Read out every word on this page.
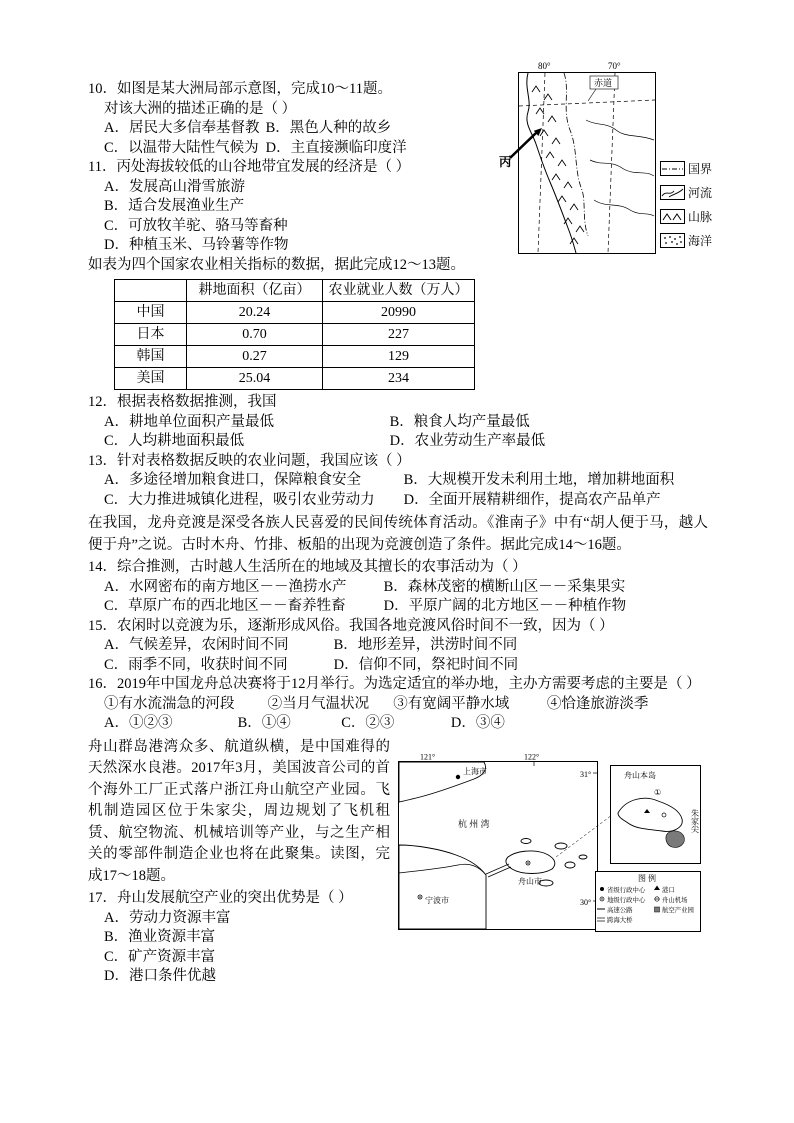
80°	70°
赤道
丙	国界
河流
山脉
海洋
10．如图是某大洲局部示意图，完成10～11题。
对该大洲的描述正确的是（ ）
A．居民大多信奉基督教 B．黑色人种的故乡
C．以温带大陆性气候为 D．主直接濒临印度洋
11．丙处海拔较低的山谷地带宜发展的经济是（ ）
A．发展高山滑雪旅游
B．适合发展渔业生产
C．可放牧羊驼、骆马等畜种
D．种植玉米、马铃薯等作物
如表为四个国家农业相关指标的数据，据此完成12～13题。
	耕地面积（亿亩）	农业就业人数（万人）
中国	20.24	20990
日本	0.70	227
韩国	0.27	129
美国	25.04	234
12．根据表格数据推测，我国
A．耕地单位面积产量最低	B．粮食人均产量最低
C．人均耕地面积最低	D．农业劳动生产率最低
13．针对表格数据反映的农业问题，我国应该（ ）
A．多途径增加粮食进口，保障粮食安全	B．大规模开发未利用土地，增加耕地面积
C．大力推进城镇化进程，吸引农业劳动力 D．全面开展精耕细作，提高农产品单产
在我国，龙舟竞渡是深受各族人民喜爱的民间传统体育活动。《淮南子》中有“胡人便于马，越人便于舟”之说。古时木舟、竹排、板船的出现为竞渡创造了条件。据此完成14～16题。
14．综合推测，古时越人生活所在的地域及其擅长的农事活动为（ ）
A．水网密布的南方地区－－渔捞水产	B．森林茂密的横断山区－－采集果实
C．草原广布的西北地区－－畜养牲畜	D．平原广阔的北方地区－－种植作物
15．农闲时以竞渡为乐，逐渐形成风俗。我国各地竞渡风俗时间不一致，因为（ ）
A．气候差异，农闲时间不同	B．地形差异，洪涝时间不同
C．雨季不同，收获时间不同	D．信仰不同，祭祀时间不同
16．2019年中国龙舟总决赛将于12月举行。为选定适宜的举办地，主办方需要考虑的主要是（ ）
①有水流湍急的河段 ②当月气温状况 ③有宽阔平静水域	④恰逢旅游淡季
A．①②③	B．①④	C．②③	D．③④
121°	122°
31°
30°
上海市
杭 州 湾
宁波市
舟山市
舟山本岛
①
朱家尖
图 例
省级行政中心
地级行政中心
高速公路
跨海大桥
港口
舟山机场
航空产业园
舟山群岛港湾众多、航道纵横，是中国难得的天然深水良港。2017年3月，美国波音公司的首个海外工厂正式落户浙江舟山航空产业园。飞机制造园区位于朱家尖，周边规划了飞机租赁、航空物流、机械培训等产业，与之生产相关的零部件制造企业也将在此聚集。读图，完成17～18题。
17．舟山发展航空产业的突出优势是（ ）
A．劳动力资源丰富
B．渔业资源丰富
C．矿产资源丰富
D．港口条件优越
